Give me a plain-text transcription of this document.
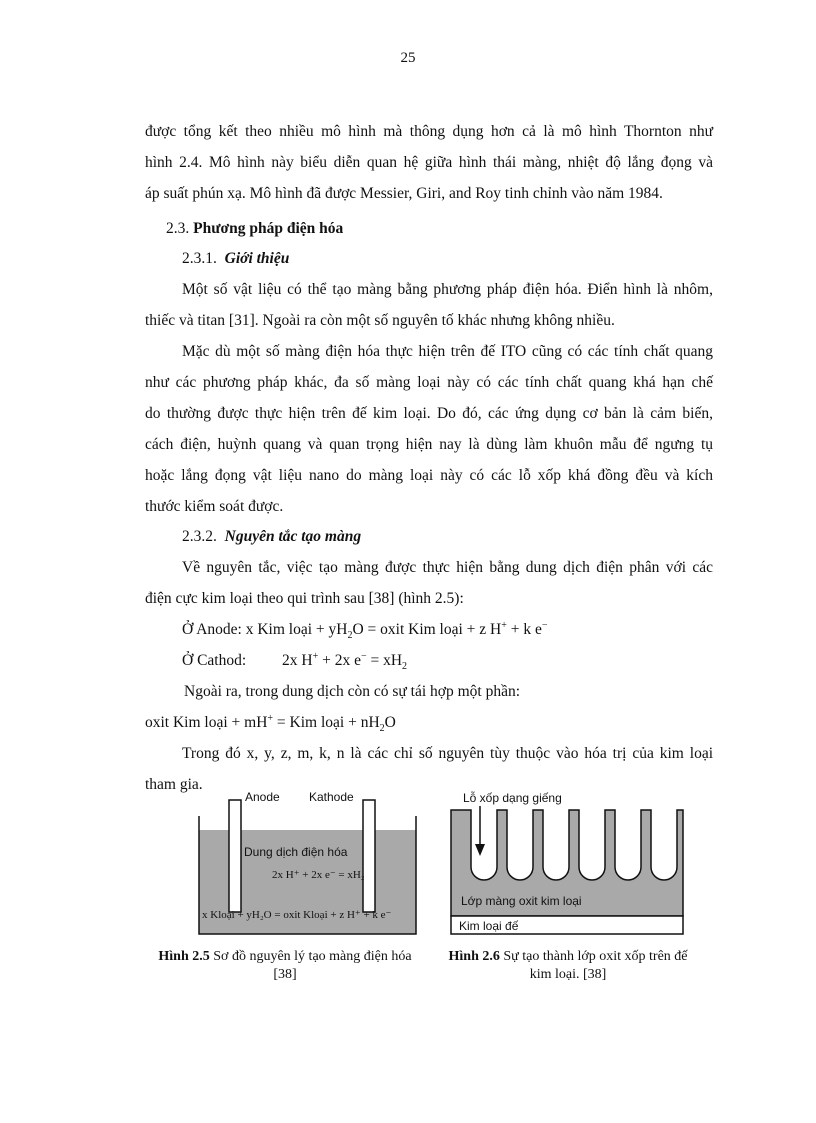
25
được tổng kết theo nhiều mô hình mà thông dụng hơn cả là mô hình Thornton như
hình 2.4. Mô hình này biểu diễn quan hệ giữa hình thái màng, nhiệt độ lắng đọng và
áp suất phún xạ. Mô hình đã được Messier, Giri, and Roy tinh chỉnh vào năm 1984.
2.3. Phương pháp điện hóa
2.3.1. Giới thiệu
Một số vật liệu có thể tạo màng bằng phương pháp điện hóa. Điển hình là nhôm,
thiếc và titan [31]. Ngoài ra còn một số nguyên tố khác nhưng không nhiều.
Mặc dù một số màng điện hóa thực hiện trên đế ITO cũng có các tính chất quang
như các phương pháp khác, đa số màng loại này có các tính chất quang khá hạn chế
do thường được thực hiện trên đế kim loại. Do đó, các ứng dụng cơ bản là cảm biến,
cách điện, huỳnh quang và quan trọng hiện nay là dùng làm khuôn mẫu để ngưng tụ
hoặc lắng đọng vật liệu nano do màng loại này có các lỗ xốp khá đồng đều và kích
thước kiểm soát được.
2.3.2. Nguyên tắc tạo màng
Về nguyên tắc, việc tạo màng được thực hiện bằng dung dịch điện phân với các
điện cực kim loại theo qui trình sau [38] (hình 2.5):
Ở Anode: x Kim loại + $yH_2O$ = oxit Kim loại + z H+ + k e−
Ở Cathod: 2x H+ + 2x $e^- = xH_2$
Ngoài ra, trong dung dịch còn có sự tái hợp một phần:
oxit Kim loại + mH+ = Kim loại + $nH_2O$
Trong đó x, y, z, m, k, n là các chỉ số nguyên tùy thuộc vào hóa trị của kim loại
tham gia.
Anode Kathode
Dung dịch điện hóa
2x H⁺ + 2x e⁻ = xH₂
x Kloại + yH₂O = oxit Kloại + z H⁺ + k e⁻
Lỗ xốp dạng giếng
Lớp màng oxit kim loại
Kim loại đế
Hình 2.5 Sơ đồ nguyên lý tạo màng điện hóa
[38]
Hình 2.6 Sự tạo thành lớp oxit xốp trên đế
kim loại. [38]
